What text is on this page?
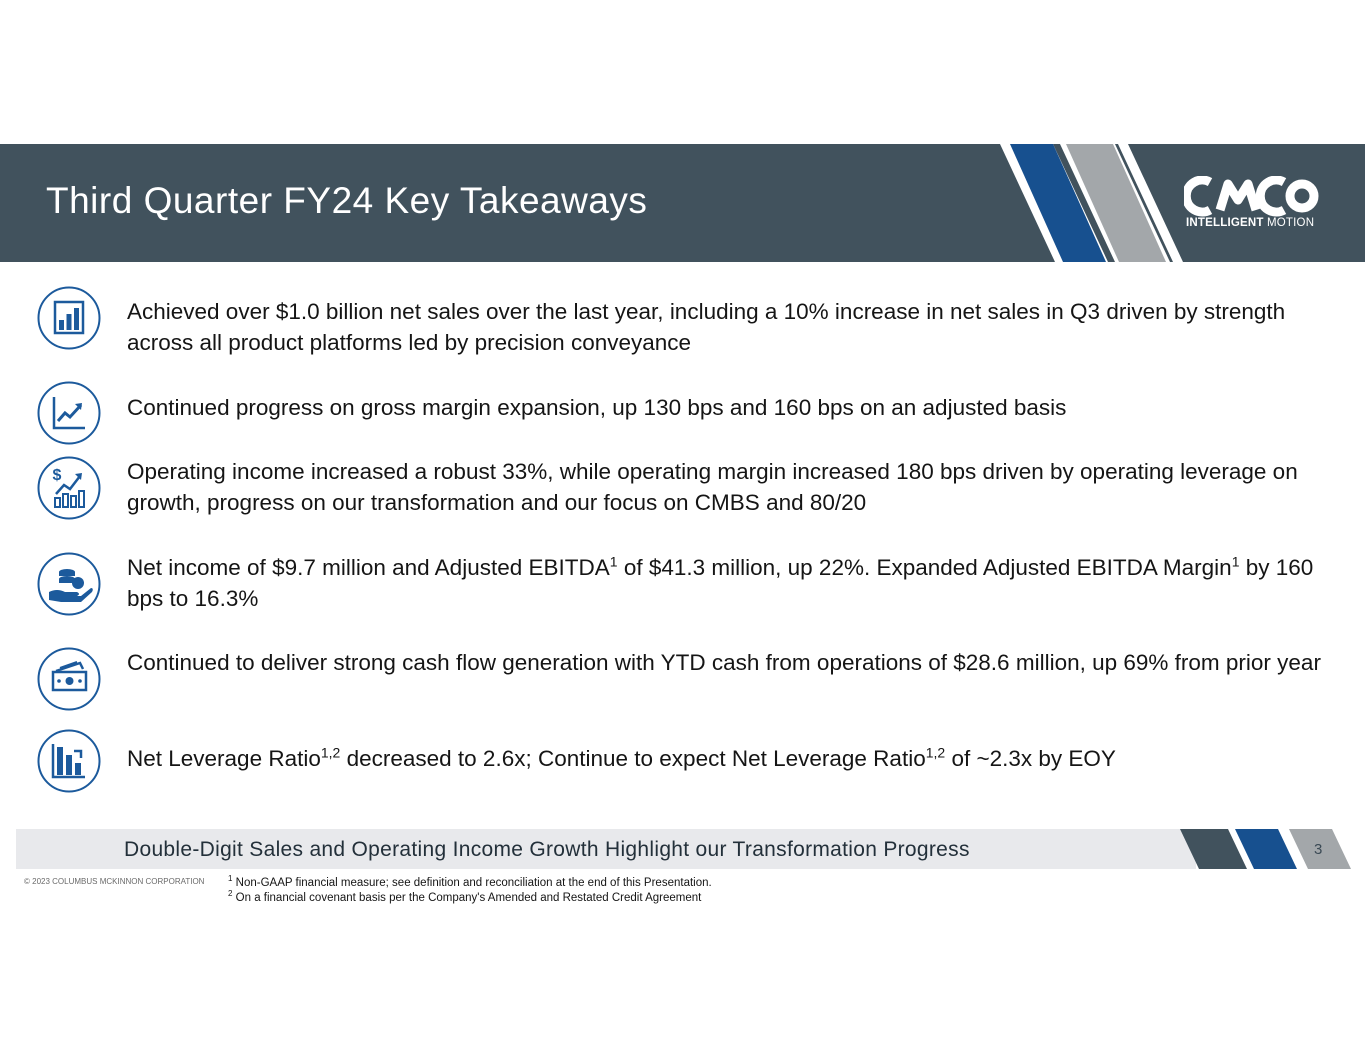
Third Quarter FY24 Key Takeaways
INTELLIGENT MOTION
Achieved over $1.0 billion net sales over the last year, including a 10% increase in net sales in Q3 driven by strength across all product platforms led by precision conveyance
Continued progress on gross margin expansion, up 130 bps and 160 bps on an adjusted basis
$	Operating income increased a robust 33%, while operating margin increased 180 bps driven by operating leverage on growth, progress on our transformation and our focus on CMBS and 80/20
Net income of $9.7 million and Adjusted EBITDA$^1$ of $41.3 million, up 22%. Expanded Adjusted EBITDA Margin$^1$ by 160 bps to 16.3%
Continued to deliver strong cash flow generation with YTD cash from operations of $28.6 million, up 69% from prior year
Net Leverage Ratio$^{1,2}$ decreased to 2.6x; Continue to expect Net Leverage Ratio$^{1,2}$ of ~2.3x by EOY
Double-Digit Sales and Operating Income Growth Highlight our Transformation Progress	3
© 2023 COLUMBUS MCKINNON CORPORATION	$^1$ Non-GAAP financial measure; see definition and reconciliation at the end of this Presentation.
$^2$ On a financial covenant basis per the Company's Amended and Restated Credit Agreement
